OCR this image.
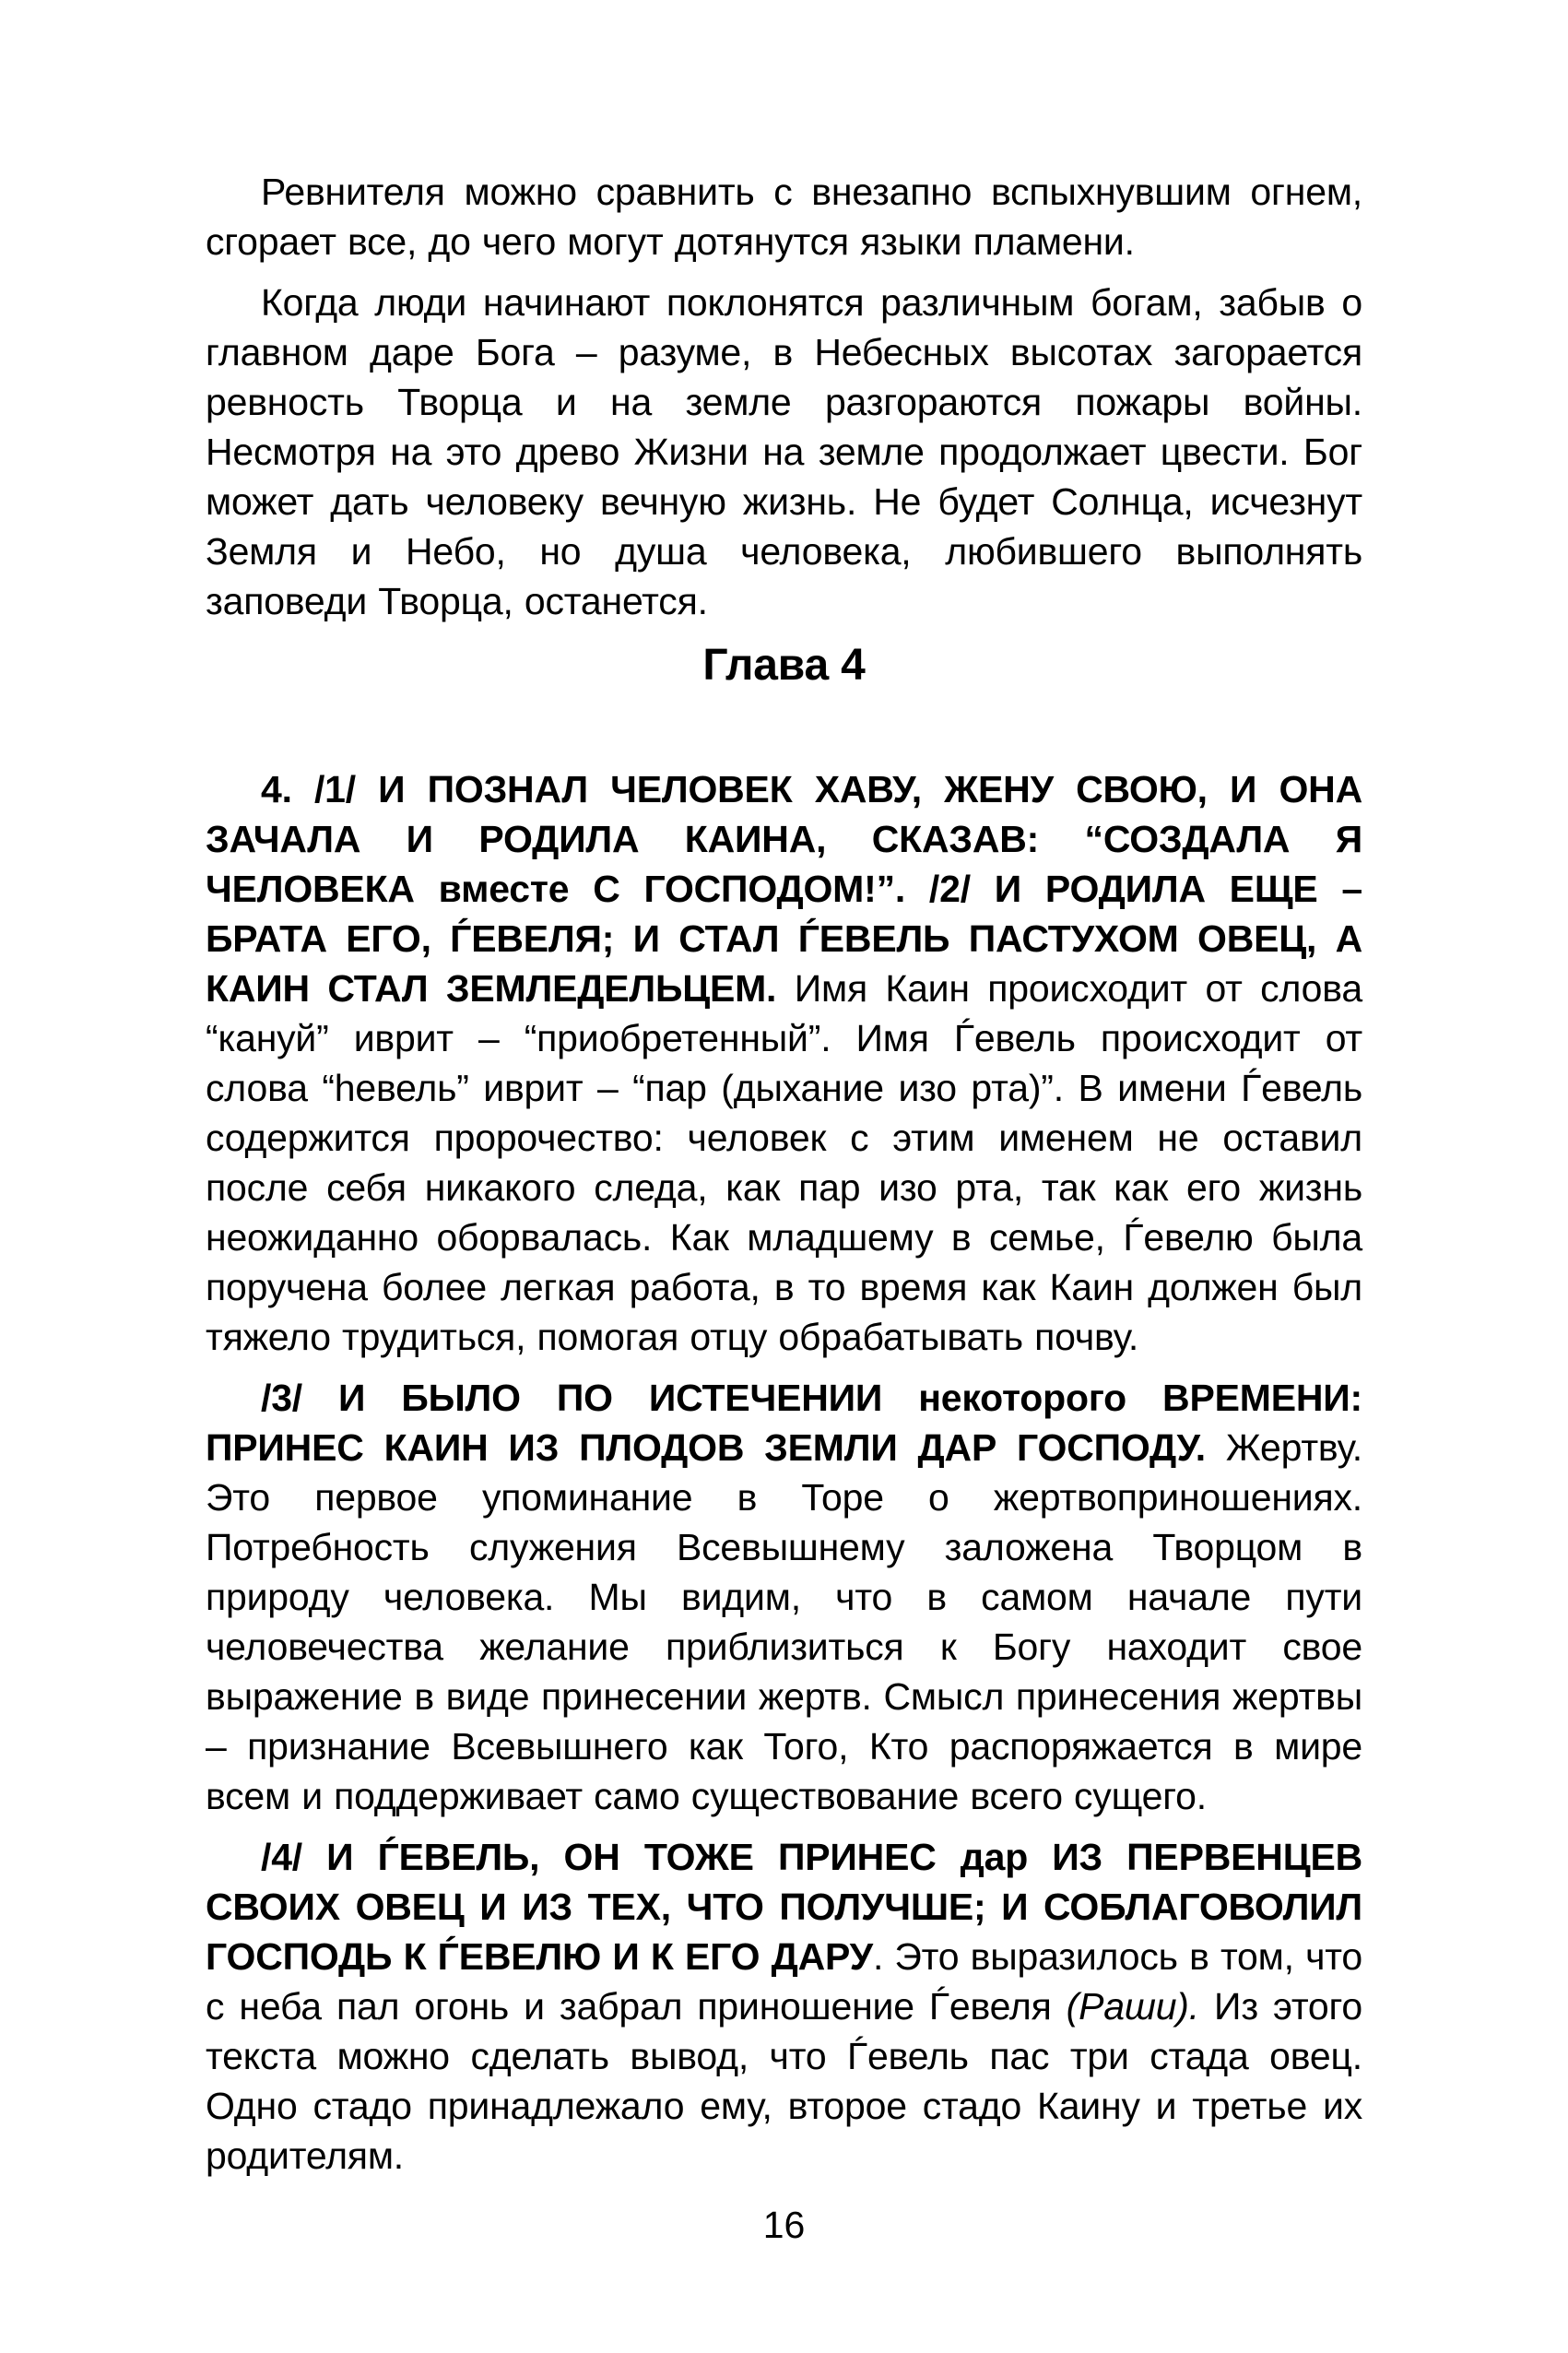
Ревнителя можно сравнить с внезапно вспыхнувшим огнем, сгорает все, до чего могут дотянутся языки пламени.

Когда люди начинают поклонятся различным богам, забыв о главном даре Бога – разуме, в Небесных высотах загорается ревность Творца и на земле разгораются пожары войны. Несмотря на это древо Жизни на земле продолжает цвести. Бог может дать человеку вечную жизнь. Не будет Солнца, исчезнут Земля и Небо, но душа человека, любившего выполнять заповеди Творца, останется.

Глава 4

4. /1/ И ПОЗНАЛ ЧЕЛОВЕК ХАВУ, ЖЕНУ СВОЮ, И ОНА ЗАЧАЛА И РОДИЛА КАИНА, СКАЗАВ: “СОЗДАЛА Я ЧЕЛОВЕКА вместе С ГОСПОДОМ!”. /2/ И РОДИЛА ЕЩЕ – БРАТА ЕГО, ЃЕВЕЛЯ; И СТАЛ ЃЕВЕЛЬ ПАСТУХОМ ОВЕЦ, А КАИН СТАЛ ЗЕМЛЕДЕЛЬЦЕМ. Имя Каин происходит от слова “кануй” иврит – “приобретенный”. Имя Ѓевель происходит от слова “hевель” иврит – “пар (дыхание изо рта)”. В имени Ѓевель содержится пророчество: человек с этим именем не оставил после себя никакого следа, как пар изо рта, так как его жизнь неожиданно оборвалась. Как младшему в семье, Ѓевелю была поручена более легкая работа, в то время как Каин должен был тяжело трудиться, помогая отцу обрабатывать почву.

/3/ И БЫЛО ПО ИСТЕЧЕНИИ некоторого ВРЕМЕНИ: ПРИНЕС КАИН ИЗ ПЛОДОВ ЗЕМЛИ ДАР ГОСПОДУ. Жертву. Это первое упоминание в Торе о жертвоприношениях. Потребность служения Всевышнему заложена Творцом в природу человека. Мы видим, что в самом начале пути человечества желание приблизиться к Богу находит свое выражение в виде принесении жертв. Смысл принесения жертвы – признание Всевышнего как Того, Кто распоряжается в мире всем и поддерживает само существование всего сущего.

/4/ И ЃЕВЕЛЬ, ОН ТОЖЕ ПРИНЕС дар ИЗ ПЕРВЕНЦЕВ СВОИХ ОВЕЦ И ИЗ ТЕХ, ЧТО ПОЛУЧШЕ; И СОБЛАГОВОЛИЛ ГОСПОДЬ К ЃЕВЕЛЮ И К ЕГО ДАРУ. Это выразилось в том, что с неба пал огонь и забрал приношение Ѓевеля (Раши). Из этого текста можно сделать вывод, что Ѓевель пас три стада овец. Одно стадо принадлежало ему, второе стадо Каину и третье их родителям.

16
